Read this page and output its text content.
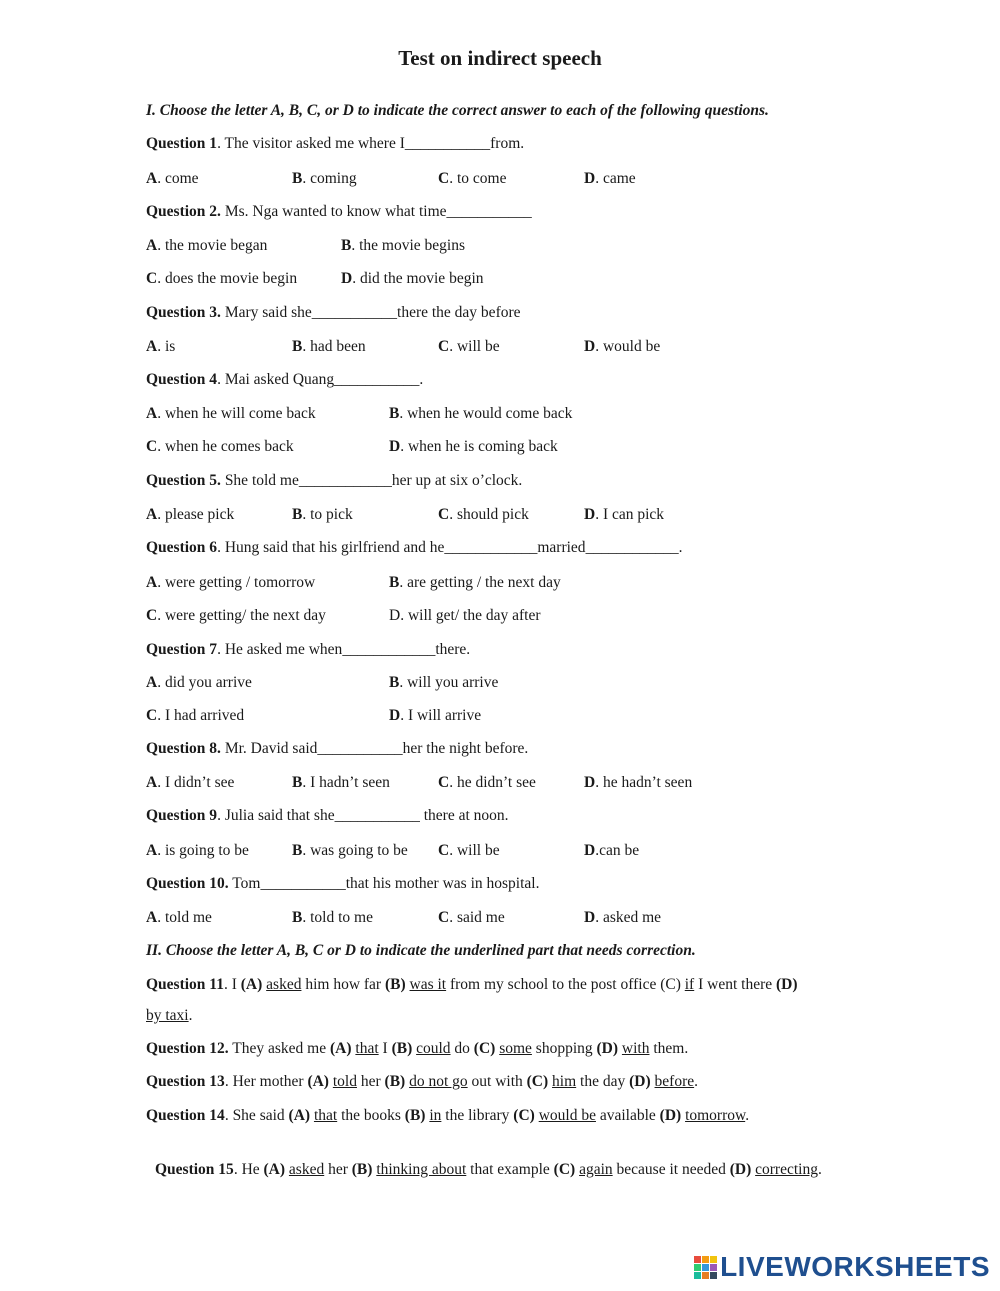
Test on indirect speech
I. Choose the letter A, B, C, or D to indicate the correct answer to each of the following questions.
Question 1. The visitor asked me where I___________from.
A. come	B. coming	C. to come	D. came
Question 2. Ms. Nga wanted to know what time___________
A. the movie began	B. the movie begins
C. does the movie begin	D. did the movie begin
Question 3. Mary said she___________there the day before
A. is	B. had been	C. will be	D. would be
Question 4. Mai asked Quang___________.
A. when he will come back	B. when he would come back
C. when he comes back	D. when he is coming back
Question 5. She told me____________her up at six o’clock.
A. please pick	B. to pick	C. should pick	D. I can pick
Question 6. Hung said that his girlfriend and he____________married____________.
A. were getting / tomorrow	B. are getting / the next day
C. were getting/ the next day	D. will get/ the day after
Question 7. He asked me when____________there.
A. did you arrive	B. will you arrive
C. I had arrived	D. I will arrive
Question 8. Mr. David said___________her the night before.
A. I didn’t see	B. I hadn’t seen	C. he didn’t see	D. he hadn’t seen
Question 9. Julia said that she___________ there at noon.
A. is going to be	B. was going to be C. will be	D.can be
Question 10. Tom___________that his mother was in hospital.
A. told me	B. told to me	C. said me	D. asked me
II. Choose the letter A, B, C or D to indicate the underlined part that needs correction.
Question 11. I (A) asked him how far (B) was it from my school to the post office (C) if I went there (D)
by taxi.
Question 12. They asked me (A) that I (B) could do (C) some shopping (D) with them.
Question 13. Her mother (A) told her (B) do not go out with (C) him the day (D) before.
Question 14. She said (A) that the books (B) in the library (C) would be available (D) tomorrow.
Question 15. He (A) asked her (B) thinking about that example (C) again because it needed (D) correcting.
LIVEWORKSHEETS
